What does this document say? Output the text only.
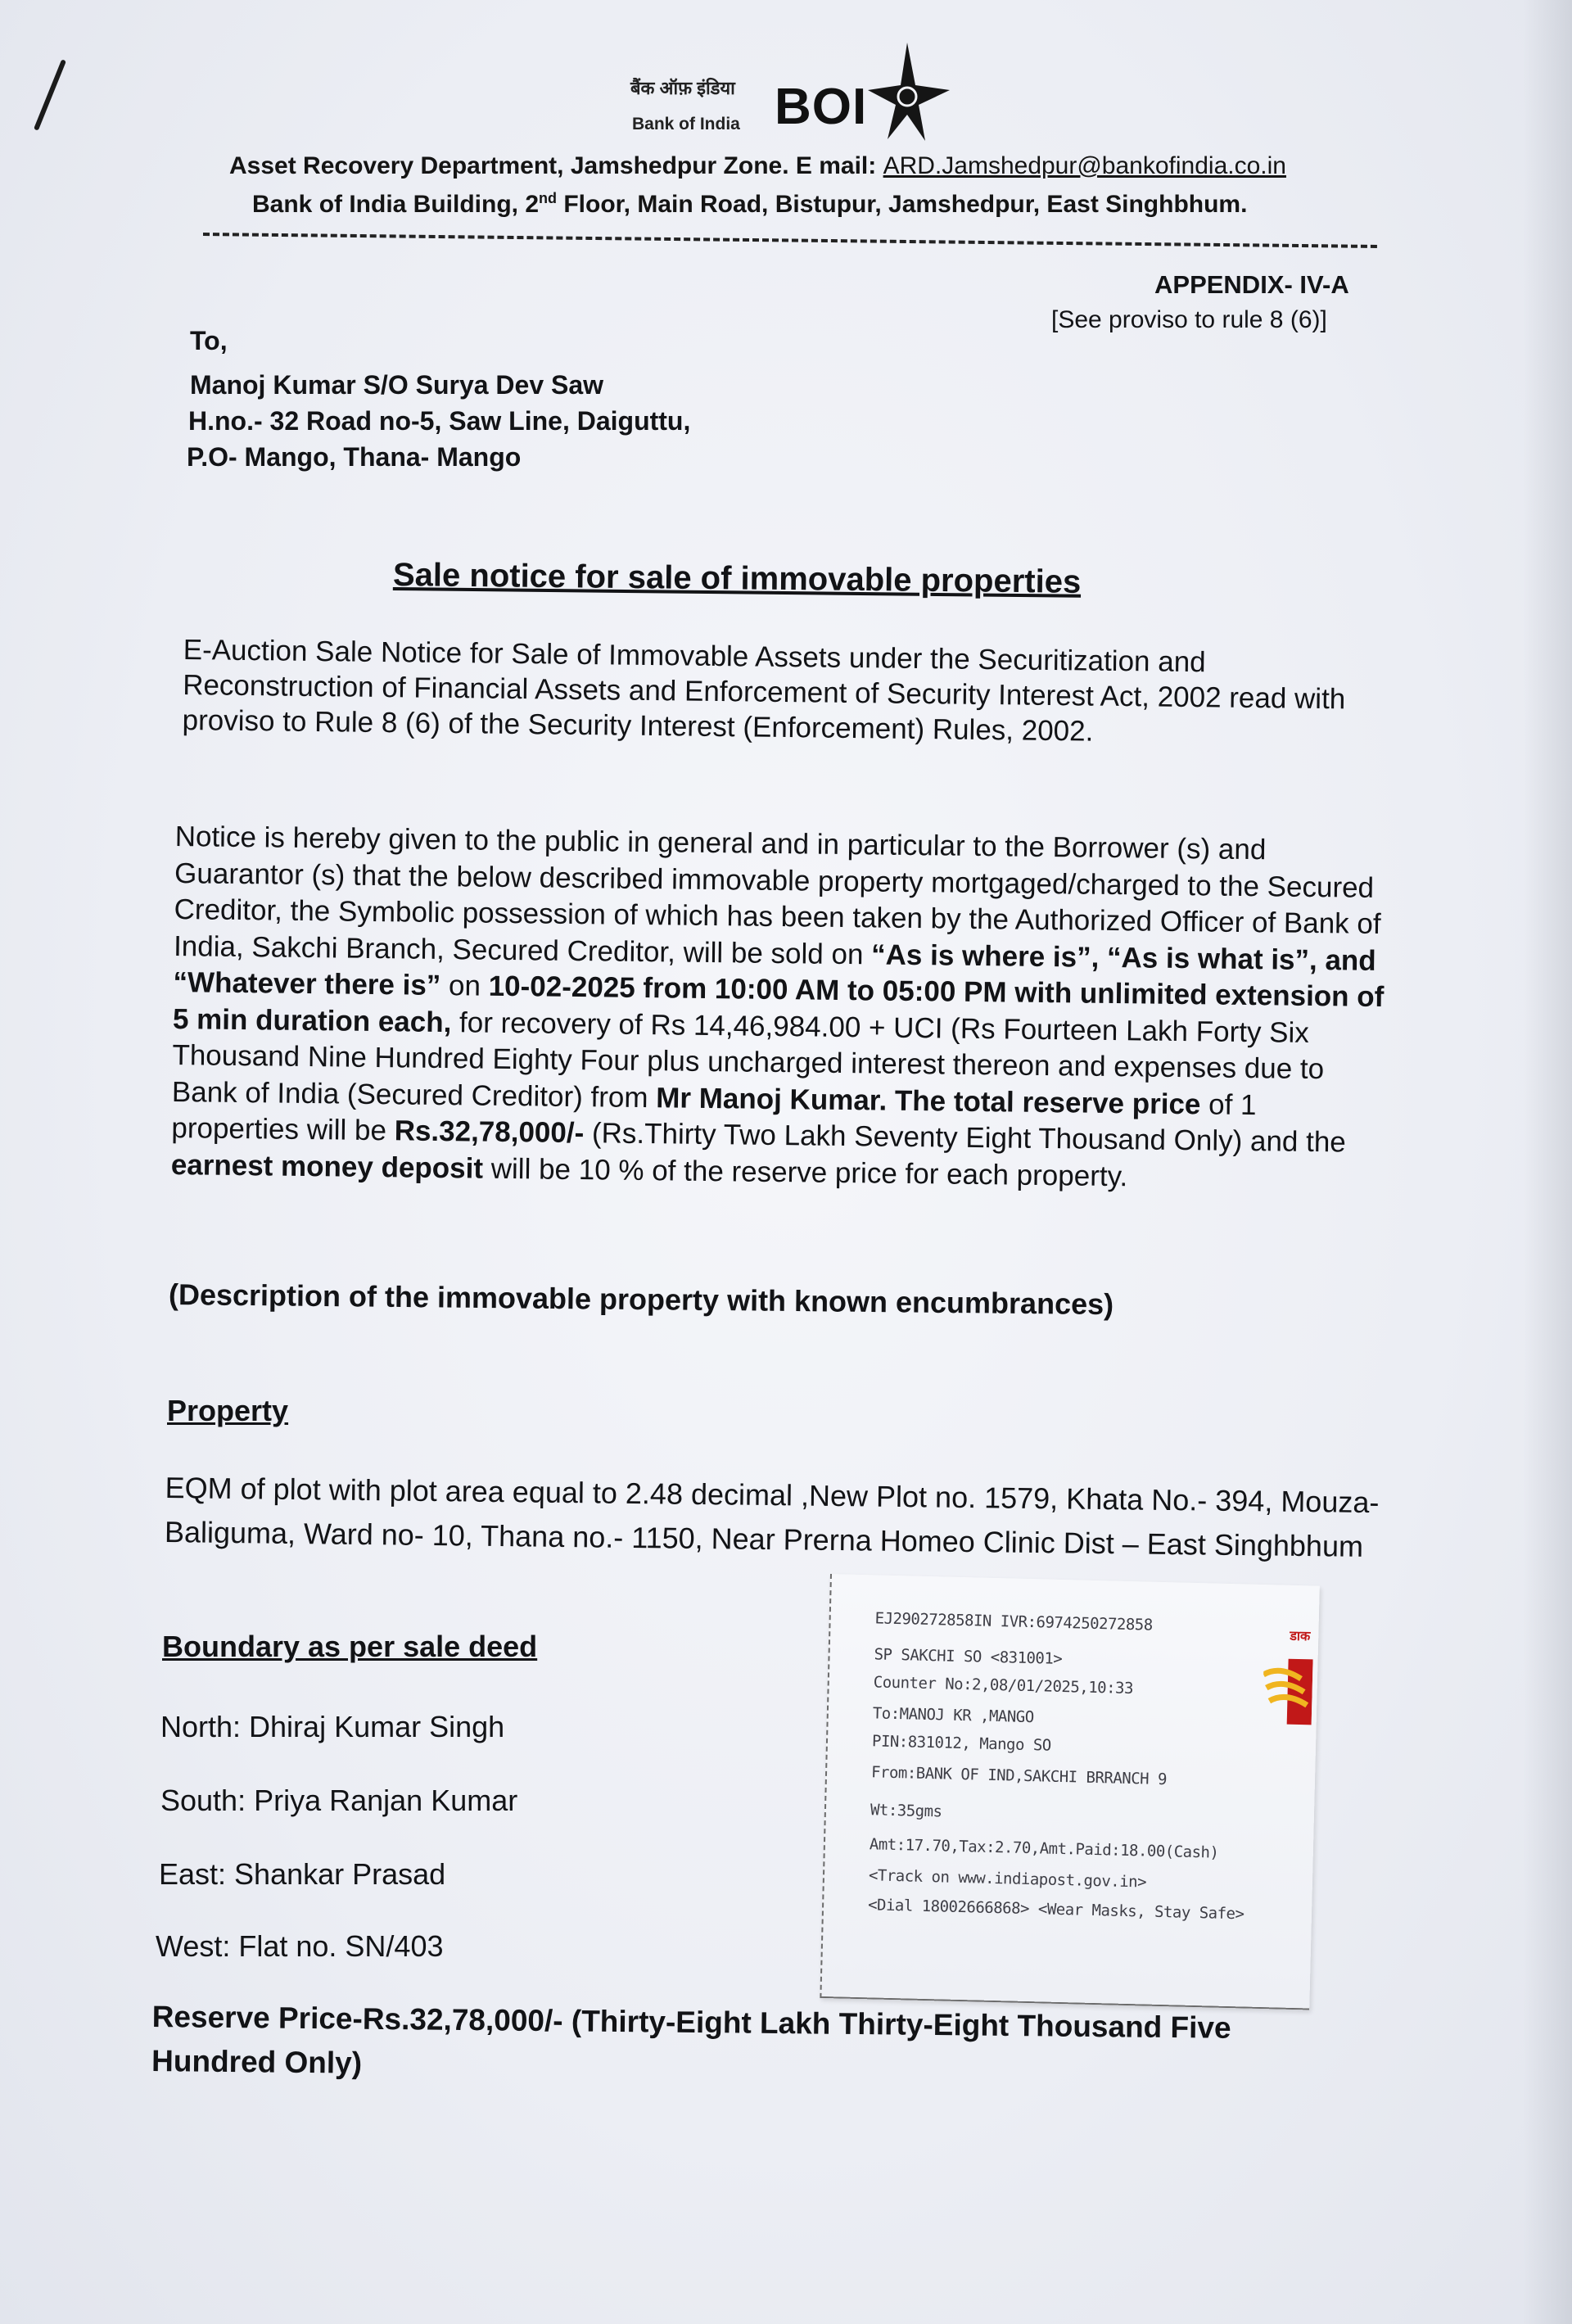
बैंक ऑफ़ इंडिया
Bank of India BOI
Asset Recovery Department, Jamshedpur Zone. E mail: ARD.Jamshedpur@bankofindia.co.in
Bank of India Building, 2nd Floor, Main Road, Bistupur, Jamshedpur, East Singhbhum.
APPENDIX- IV-A
[See proviso to rule 8 (6)]
To,
Manoj Kumar S/O Surya Dev Saw
H.no.- 32 Road no-5, Saw Line, Daiguttu,
P.O- Mango, Thana- Mango
Sale notice for sale of immovable properties
E-Auction Sale Notice for Sale of Immovable Assets under the Securitization and Reconstruction of Financial Assets and Enforcement of Security Interest Act, 2002 read with proviso to Rule 8 (6) of the Security Interest (Enforcement) Rules, 2002.
Notice is hereby given to the public in general and in particular to the Borrower (s) and Guarantor (s) that the below described immovable property mortgaged/charged to the Secured Creditor, the Symbolic possession of which has been taken by the Authorized Officer of Bank of India, Sakchi Branch, Secured Creditor, will be sold on “As is where is”, “As is what is”, and “Whatever there is” on 10-02-2025 from 10:00 AM to 05:00 PM with unlimited extension of 5 min duration each, for recovery of Rs 14,46,984.00 + UCI (Rs Fourteen Lakh Forty Six Thousand Nine Hundred Eighty Four plus uncharged interest thereon and expenses due to Bank of India (Secured Creditor) from Mr Manoj Kumar. The total reserve price of 1 properties will be Rs.32,78,000/- (Rs.Thirty Two Lakh Seventy Eight Thousand Only) and the earnest money deposit will be 10 % of the reserve price for each property.
(Description of the immovable property with known encumbrances)
Property
EQM of plot with plot area equal to 2.48 decimal ,New Plot no. 1579, Khata No.- 394, Mouza- Baliguma, Ward no- 10, Thana no.- 1150, Near Prerna Homeo Clinic Dist – East Singhbhum
Boundary as per sale deed
North: Dhiraj Kumar Singh
South: Priya Ranjan Kumar
East: Shankar Prasad
West: Flat no. SN/403
Reserve Price-Rs.32,78,000/- (Thirty-Eight Lakh Thirty-Eight Thousand Five Hundred Only)
डाक
EJ290272858IN IVR:6974250272858
SP SAKCHI SO <831001>
Counter No:2,08/01/2025,10:33
To:MANOJ KR ,MANGO
PIN:831012, Mango SO
From:BANK OF IND,SAKCHI BRRANCH 9
Wt:35gms
Amt:17.70,Tax:2.70,Amt.Paid:18.00(Cash)
<Track on www.indiapost.gov.in>
<Dial 18002666868> <Wear Masks, Stay Safe>
